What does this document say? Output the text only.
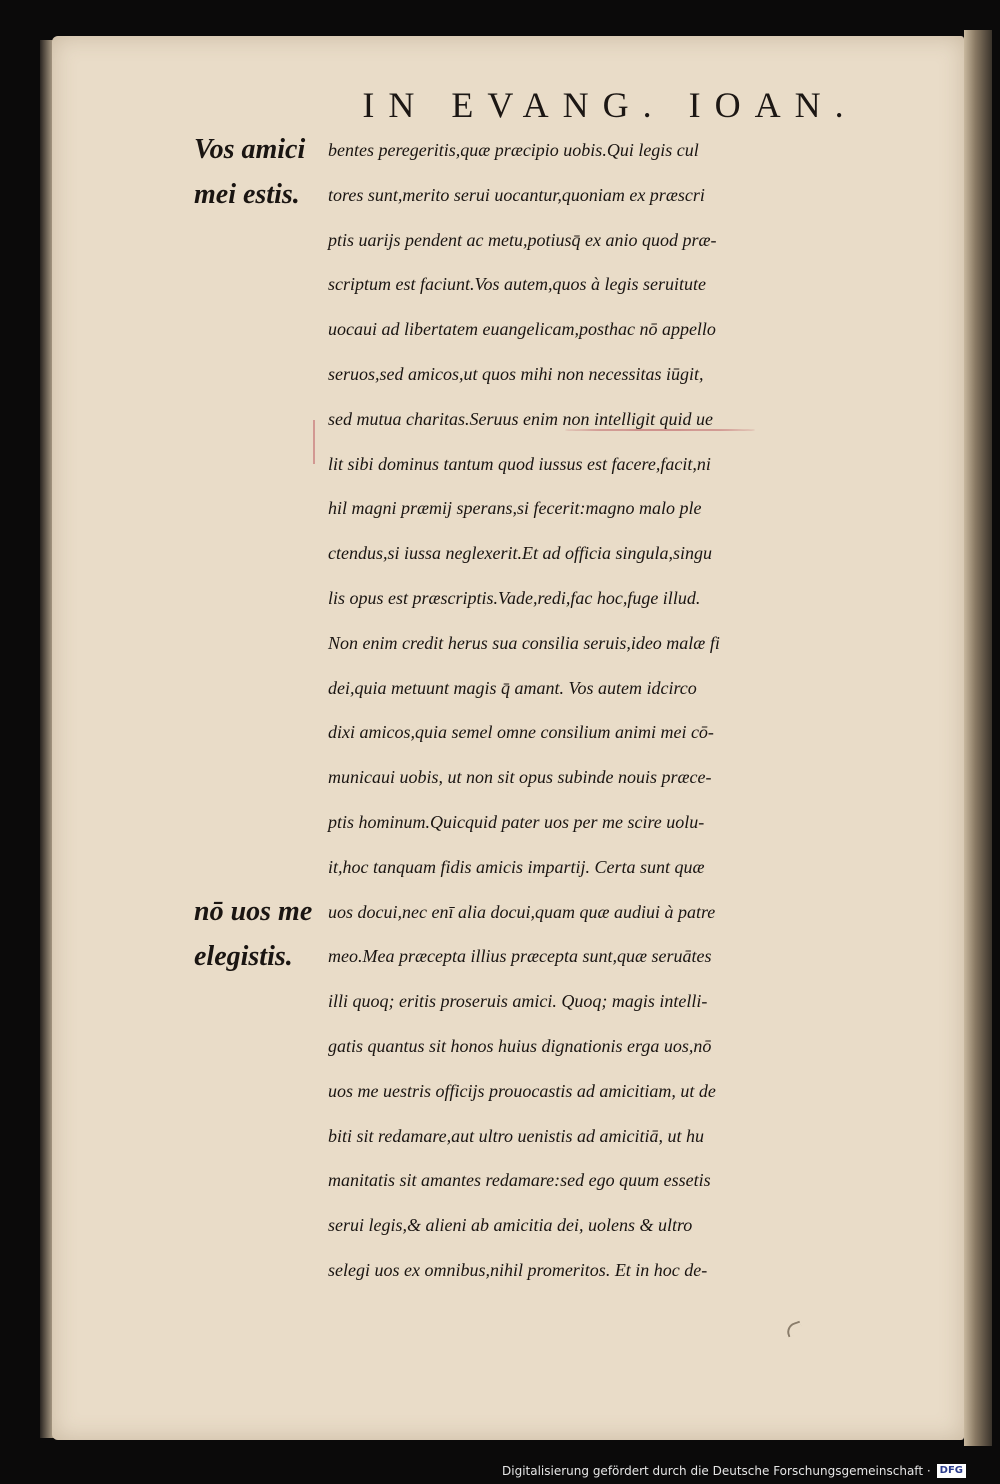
IN EVANG. IOAN.
Vos amici
mei estis.
nō uos me
elegistis.
bentes peregeritis,quæ præcipio uobis.Qui legis cul
tores sunt,merito serui uocantur,quoniam ex præscri
ptis uarijs pendent ac metu,potiusq̄ ex anio quod præ-
scriptum est faciunt.Vos autem,quos à legis seruitute
uocaui ad libertatem euangelicam,posthac nō appello
seruos,sed amicos,ut quos mihi non necessitas iūgit,
sed mutua charitas.Seruus enim non intelligit quid ue
lit sibi dominus tantum quod iussus est facere,facit,ni
hil magni præmij sperans,si fecerit:magno malo ple
ctendus,si iussa neglexerit.Et ad officia singula,singu
lis opus est præscriptis.Vade,redi,fac hoc,fuge illud.
Non enim credit herus sua consilia seruis,ideo malæ fi
dei,quia metuunt magis q̄ amant. Vos autem idcirco
dixi amicos,quia semel omne consilium animi mei cō-
municaui uobis, ut non sit opus subinde nouis præce-
ptis hominum.Quicquid pater uos per me scire uolu-
it,hoc tanquam fidis amicis impartij. Certa sunt quæ
uos docui,nec enī alia docui,quam quæ audiui à patre
meo.Mea præcepta illius præcepta sunt,quæ seruātes
illi quoq; eritis proseruis amici. Quoq; magis intelli-
gatis quantus sit honos huius dignationis erga uos,nō
uos me uestris officijs prouocastis ad amicitiam, ut de
biti sit redamare,aut ultro uenistis ad amicitiā, ut hu
manitatis sit amantes redamare:sed ego quum essetis
serui legis,& alieni ab amicitia dei, uolens & ultro
selegi uos ex omnibus,nihil promeritos. Et in hoc de-
Digitalisierung gefördert durch die Deutsche Forschungsgemeinschaft · DFG
